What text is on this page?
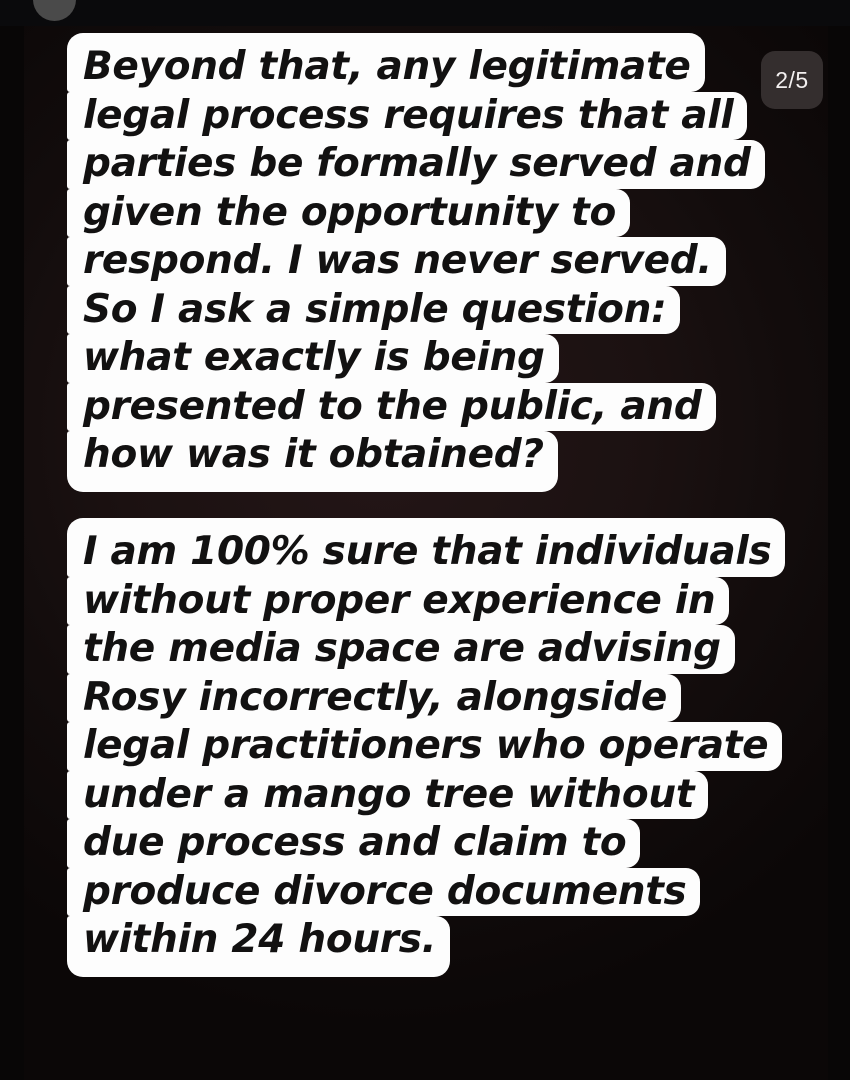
2/5
Beyond that, any legitimate
legal process requires that all
parties be formally served and
given the opportunity to
respond. I was never served.
So I ask a simple question:
what exactly is being
presented to the public, and
how was it obtained?
I am 100% sure that individuals
without proper experience in
the media space are advising
Rosy incorrectly, alongside
legal practitioners who operate
under a mango tree without
due process and claim to
produce divorce documents
within 24 hours.
